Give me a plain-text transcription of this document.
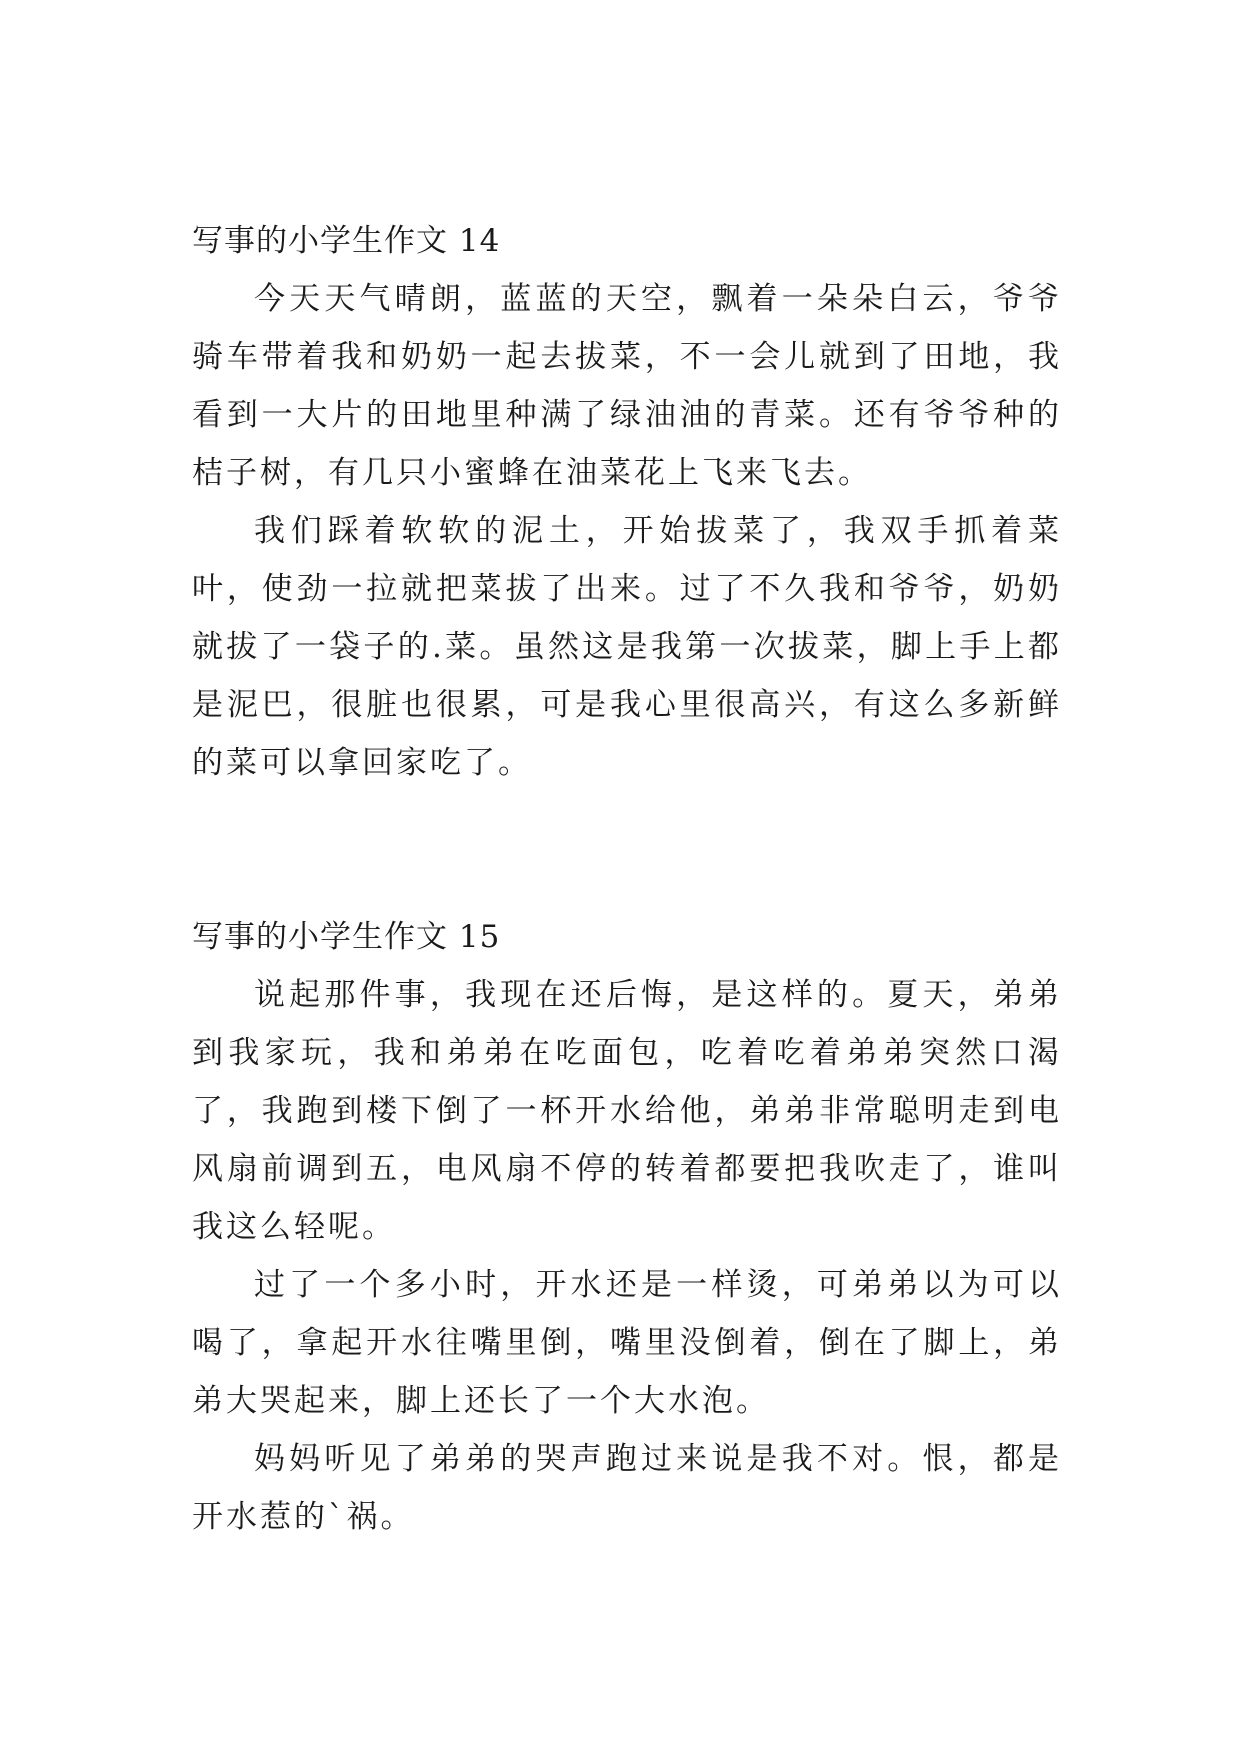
写事的小学生作文 14

今天天气晴朗，蓝蓝的天空，飘着一朵朵白云，爷爷骑车带着我和奶奶一起去拔菜，不一会儿就到了田地，我看到一大片的田地里种满了绿油油的青菜。还有爷爷种的桔子树，有几只小蜜蜂在油菜花上飞来飞去。

我们踩着软软的泥土，开始拔菜了，我双手抓着菜叶，使劲一拉就把菜拔了出来。过了不久我和爷爷，奶奶就拔了一袋子的.菜。虽然这是我第一次拔菜，脚上手上都是泥巴，很脏也很累，可是我心里很高兴，有这么多新鲜的菜可以拿回家吃了。

写事的小学生作文 15

说起那件事，我现在还后悔，是这样的。夏天，弟弟到我家玩，我和弟弟在吃面包，吃着吃着弟弟突然口渴了，我跑到楼下倒了一杯开水给他，弟弟非常聪明走到电风扇前调到五，电风扇不停的转着都要把我吹走了，谁叫我这么轻呢。

过了一个多小时，开水还是一样烫，可弟弟以为可以喝了，拿起开水往嘴里倒，嘴里没倒着，倒在了脚上，弟弟大哭起来，脚上还长了一个大水泡。

妈妈听见了弟弟的哭声跑过来说是我不对。恨，都是开水惹的`祸。
